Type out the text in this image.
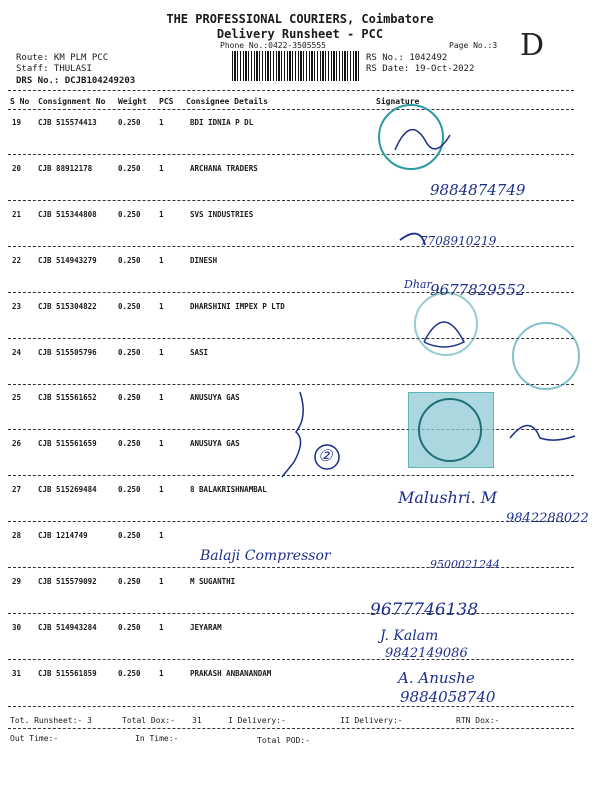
THE PROFESSIONAL COURIERS, Coimbatore
Delivery Runsheet - PCC
Phone No.:0422-3505555	Page No.:3 D
Route: KM PLM PCC
Staff: THULASI
DRS No.: DCJB104249203
RS No.: 1042492
RS Date: 19-Oct-2022
S No Consignment No Weight PCS Consignee Details	Signature
19 CJB 515574413	0.250 1	BDI IDNIA P DL
20 CJB 88912178	0.250 1	ARCHANA TRADERS
21 CJB 515344808	0.250 1	SVS INDUSTRIES
22 CJB 514943279	0.250 1	DINESH
23 CJB 515304822	0.250 1	DHARSHINI IMPEX P LTD
24 CJB 515505796	0.250 1	SASI
25 CJB 515561652	0.250 1	ANUSUYA GAS
26 CJB 515561659	0.250 1	ANUSUYA GAS
27 CJB 515269484	0.250 1	8 BALAKRISHNAMBAL
28 CJB 1214749	0.250 1
29 CJB 515579092	0.250 1	M SUGANTHI
30 CJB 514943284	0.250 1	JEYARAM
31 CJB 515561859	0.250 1	PRAKASH ANBANANDAM
9884874749
7708910219
Dhar
9677829552
②
Malushri. M
9842288022
Balaji Compressor
9500021244
9677746138
J. Kalam
9842149086
A. Anushe
9884058740
Tot. Runsheet:- 3	Total Dox:- 31	I Delivery:-	II Delivery:-	RTN Dox:-
Out Time:-	In Time:-	Total POD:-
